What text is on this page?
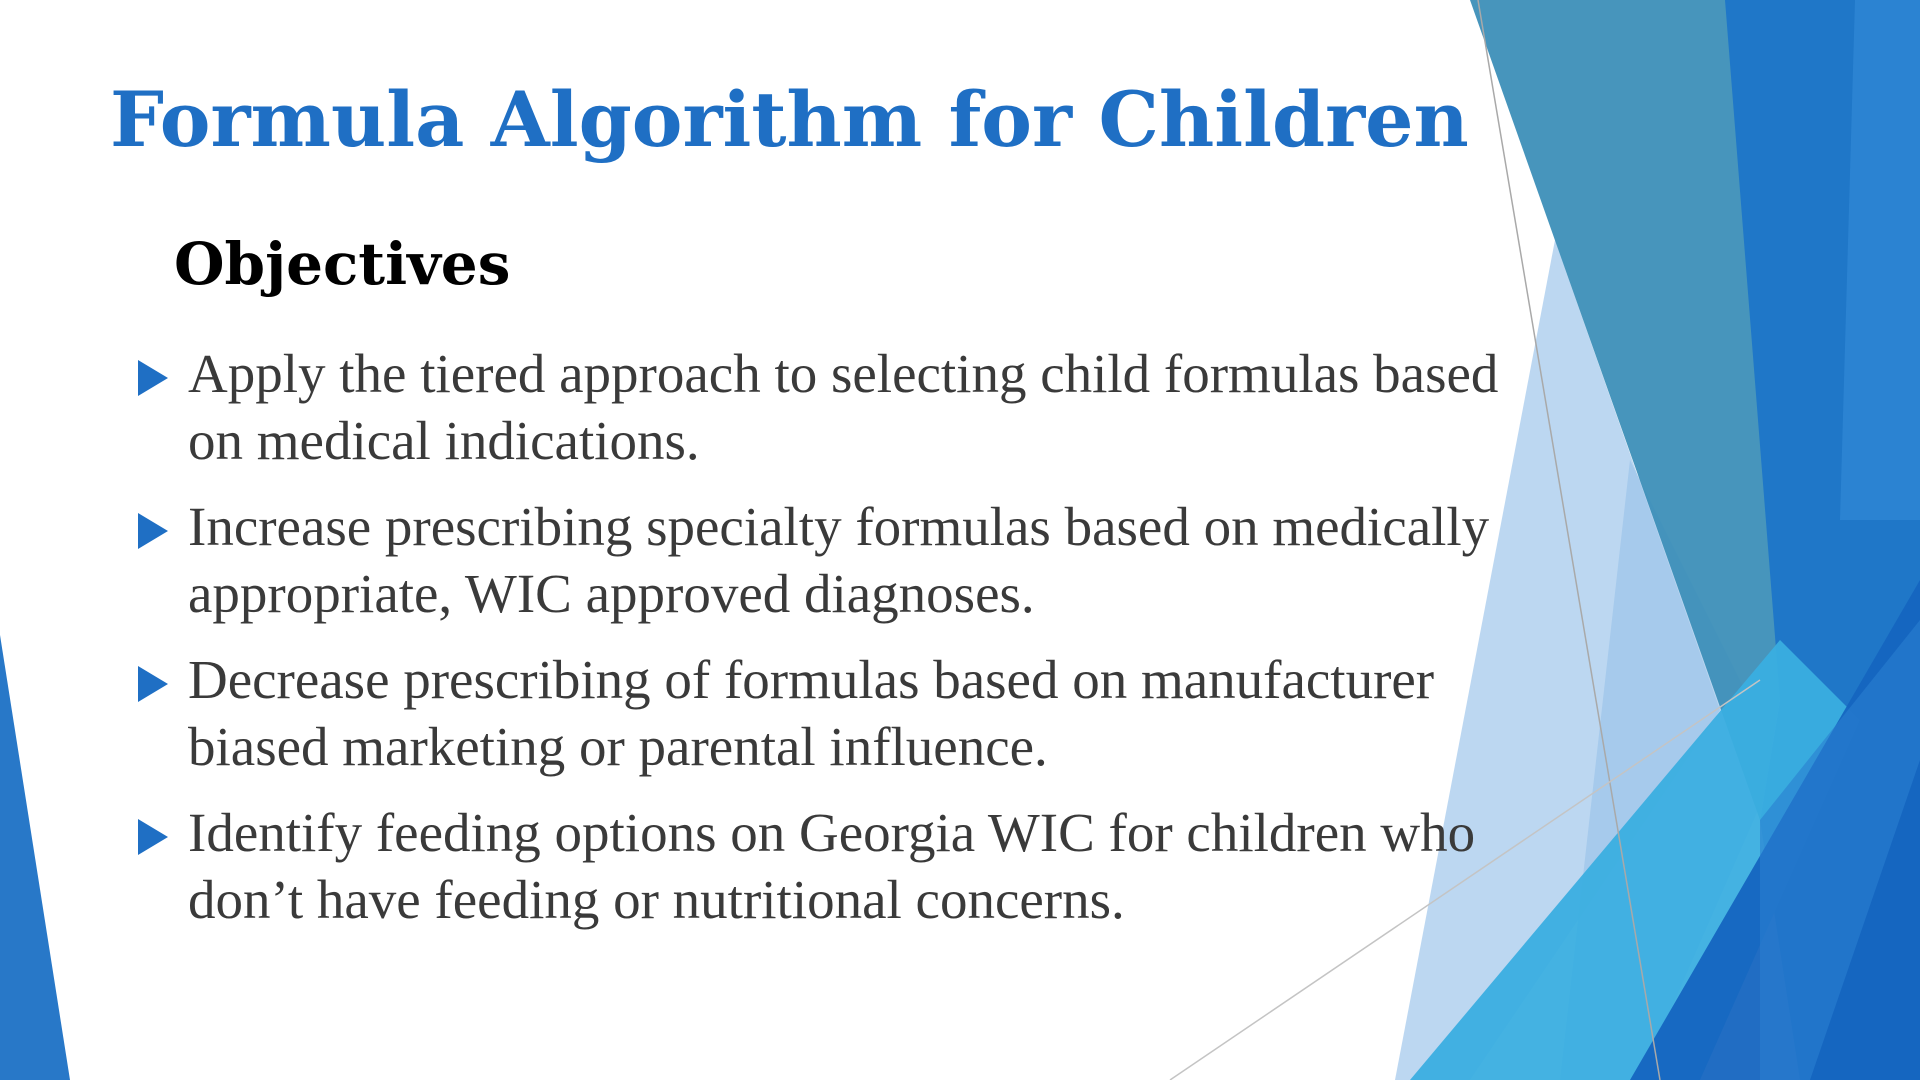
Formula Algorithm for Children
Objectives
Apply the tiered approach to selecting child formulas based on medical indications.
Increase prescribing specialty formulas based on medically appropriate, WIC approved diagnoses.
Decrease prescribing of formulas based on manufacturer biased marketing or parental influence.
Identify feeding options on Georgia WIC for children who don’t have feeding or nutritional concerns.
